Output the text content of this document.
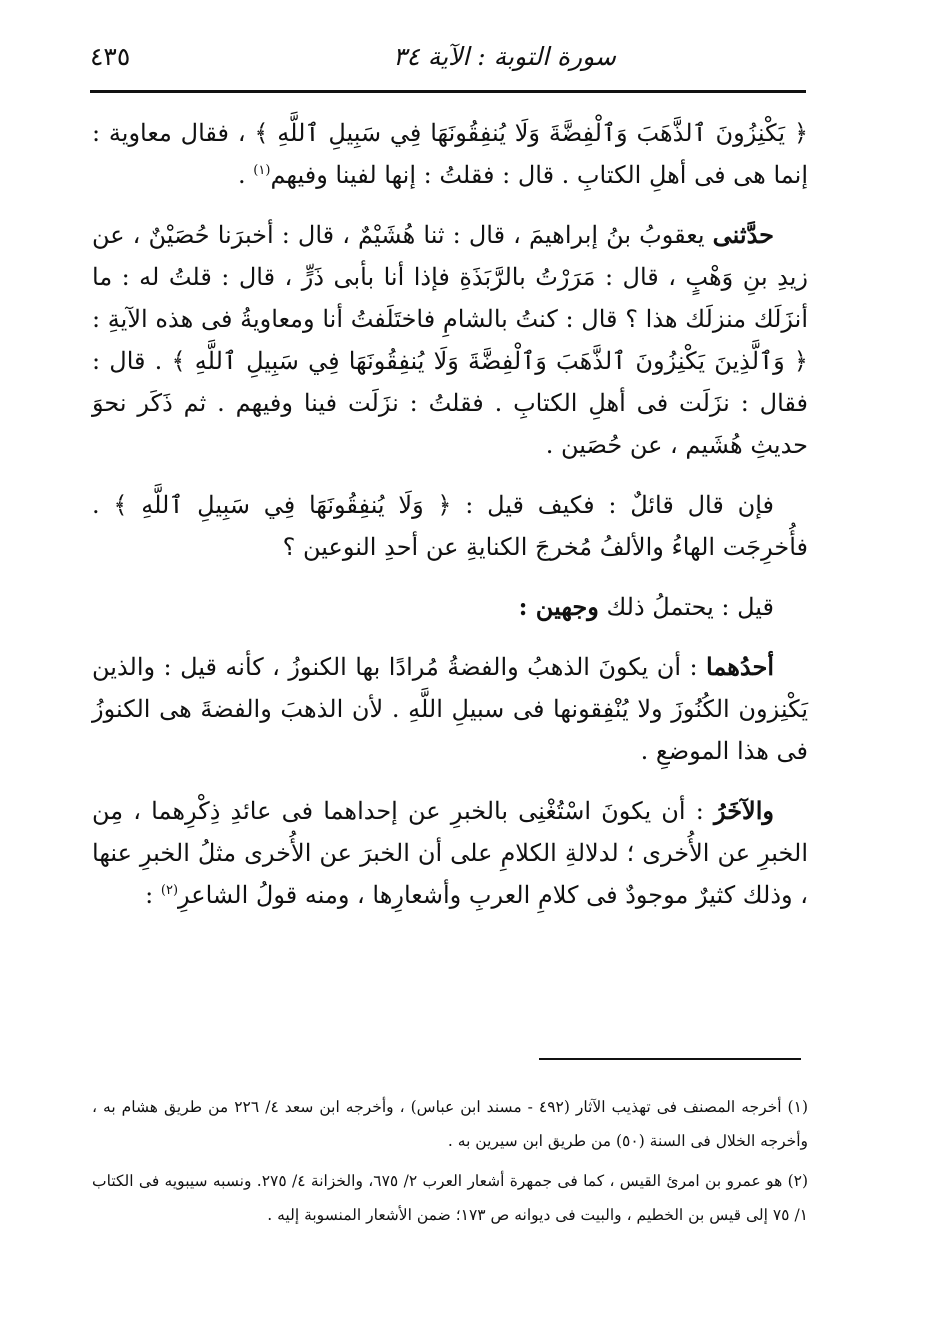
سورة التوبة : الآية ٣٤
٤٣٥

﴿ يَكْنِزُونَ ٱلذَّهَبَ وَٱلْفِضَّةَ وَلَا يُنفِقُونَهَا فِي سَبِيلِ ٱللَّهِ ﴾ ، فقال معاوية : إنما هى فى أهلِ الكتابِ . قال : فقلتُ : إنها لفينا وفيهم$^{(١)}$ .

حدَّثنى يعقوبُ بنُ إبراهيمَ ، قال : ثنا هُشَيْمٌ ، قال : أخبرَنا حُصَيْنٌ ، عن زيدِ بنِ وَهْبٍ ، قال : مَرَرْتُ بالرَّبَذَةِ فإذا أنا بأبى ذَرٍّ ، قال : قلتُ له : ما أنزَلَك منزلَك هذا ؟ قال : كنتُ بالشامِ فاختَلَفتُ أنا ومعاويةُ فى هذه الآيةِ : ﴿ وَٱلَّذِينَ يَكْنِزُونَ ٱلذَّهَبَ وَٱلْفِضَّةَ وَلَا يُنفِقُونَهَا فِي سَبِيلِ ٱللَّهِ ﴾ . قال : فقال : نزَلَت فى أهلِ الكتابِ . فقلتُ : نزَلَت فينا وفيهم . ثم ذَكَر نحوَ حديثِ هُشَيم ، عن حُصَين .

فإن قال قائلٌ : فكيف قيل : ﴿ وَلَا يُنفِقُونَهَا فِي سَبِيلِ ٱللَّهِ ﴾ . فأُخرِجَت الهاءُ والألفُ مُخرجَ الكنايةِ عن أحدِ النوعين ؟

قيل : يحتملُ ذلك وجهين :

أحدُهما : أن يكونَ الذهبُ والفضةُ مُرادًا بها الكنوزُ ، كأنه قيل : والذين يَكْنِزون الكُنُوزَ ولا يُنْفِقونها فى سبيلِ اللَّهِ . لأن الذهبَ والفضةَ هى الكنوزُ فى هذا الموضعِ .

والآخَرُ : أن يكونَ اسْتُغْنِى بالخبرِ عن إحداهما فى عائدِ ذِكْرِهما ، مِن الخبرِ عن الأُخرى ؛ لدلالةِ الكلامِ على أن الخبرَ عن الأُخرى مثلُ الخبرِ عنها ، وذلك كثيرٌ موجودٌ فى كلامِ العربِ وأشعارِها ، ومنه قولُ الشاعرِ$^{(٢)}$ :

(١) أخرجه المصنف فى تهذيب الآثار (٤٩٢ - مسند ابن عباس) ، وأخرجه ابن سعد ٤/ ٢٢٦ من طريق هشام به ، وأخرجه الخلال فى السنة (٥٠) من طريق ابن سيرين به .

(٢) هو عمرو بن امرئ القيس ، كما فى جمهرة أشعار العرب ٢/ ٦٧٥، والخزانة ٤/ ٢٧٥. ونسبه سيبويه فى الكتاب ١/ ٧٥ إلى قيس بن الخطيم ، والبيت فى ديوانه ص ١٧٣؛ ضمن الأشعار المنسوبة إليه .
